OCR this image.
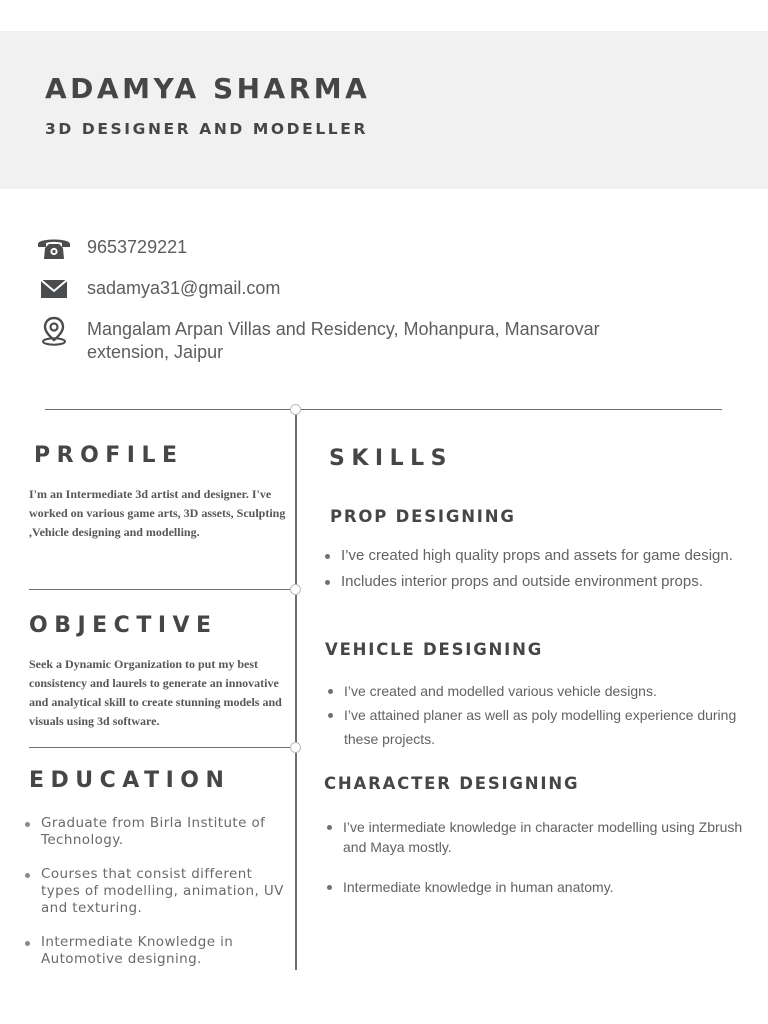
ADAMYA SHARMA
3D DESIGNER AND MODELLER
9653729221
sadamya31@gmail.com
Mangalam Arpan Villas and Residency, Mohanpura, Mansarovar extension, Jaipur
PROFILE
I'm an Intermediate 3d artist and designer. I've worked on various game arts, 3D assets, Sculpting ,Vehicle designing and modelling.
OBJECTIVE
Seek a Dynamic Organization to put my best consistency and laurels to generate an innovative and analytical skill to create stunning models and visuals using 3d software.
EDUCATION
Graduate from Birla Institute of Technology.
Courses that consist different types of modelling, animation, UV and texturing.
Intermediate Knowledge in Automotive designing.
SKILLS
PROP DESIGNING
I’ve created high quality props and assets for game design.
Includes interior props and outside environment props.
VEHICLE DESIGNING
I’ve created and modelled various vehicle designs.
I’ve attained planer as well as poly modelling experience during these projects.
CHARACTER DESIGNING
I’ve intermediate knowledge in character modelling using Zbrush and Maya mostly.
Intermediate knowledge in human anatomy.
